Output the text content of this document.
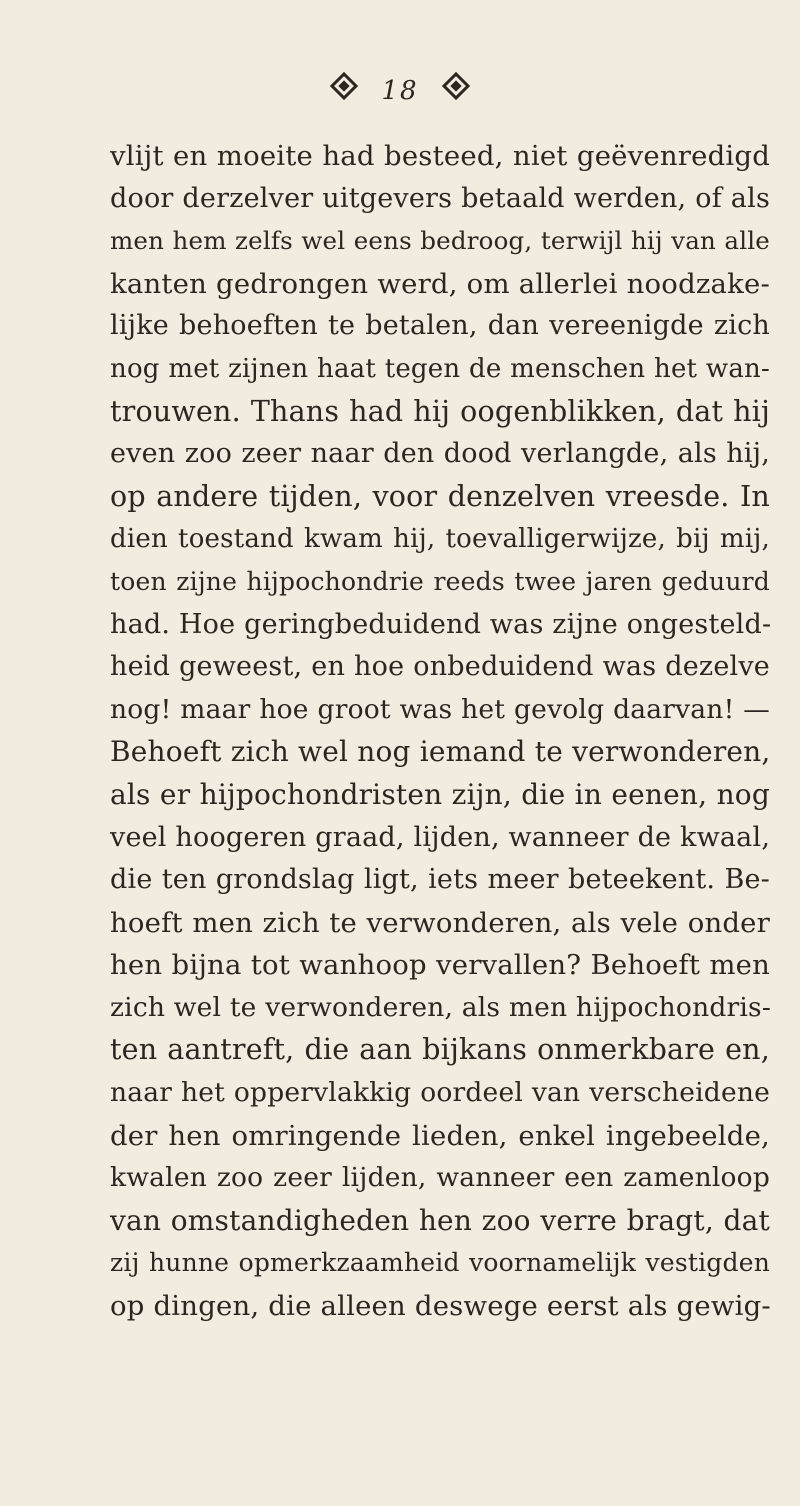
18
vlijt en moeite had besteed, niet geëvenredigd
door derzelver uitgevers betaald werden, of als
men hem zelfs wel eens bedroog, terwijl hij van alle
kanten gedrongen werd, om allerlei noodzake-
lijke behoeften te betalen, dan vereenigde zich
nog met zijnen haat tegen de menschen het wan-
trouwen. Thans had hij oogenblikken, dat hij
even zoo zeer naar den dood verlangde, als hij,
op andere tijden, voor denzelven vreesde. In
dien toestand kwam hij, toevalligerwijze, bij mij,
toen zijne hijpochondrie reeds twee jaren geduurd
had. Hoe geringbeduidend was zijne ongesteld-
heid geweest, en hoe onbeduidend was dezelve
nog! maar hoe groot was het gevolg daarvan! —
Behoeft zich wel nog iemand te verwonderen,
als er hijpochondristen zijn, die in eenen, nog
veel hoogeren graad, lijden, wanneer de kwaal,
die ten grondslag ligt, iets meer beteekent. Be-
hoeft men zich te verwonderen, als vele onder
hen bijna tot wanhoop vervallen? Behoeft men
zich wel te verwonderen, als men hijpochondris-
ten aantreft, die aan bijkans onmerkbare en,
naar het oppervlakkig oordeel van verscheidene
der hen omringende lieden, enkel ingebeelde,
kwalen zoo zeer lijden, wanneer een zamenloop
van omstandigheden hen zoo verre bragt, dat
zij hunne opmerkzaamheid voornamelijk vestigden
op dingen, die alleen deswege eerst als gewig-
